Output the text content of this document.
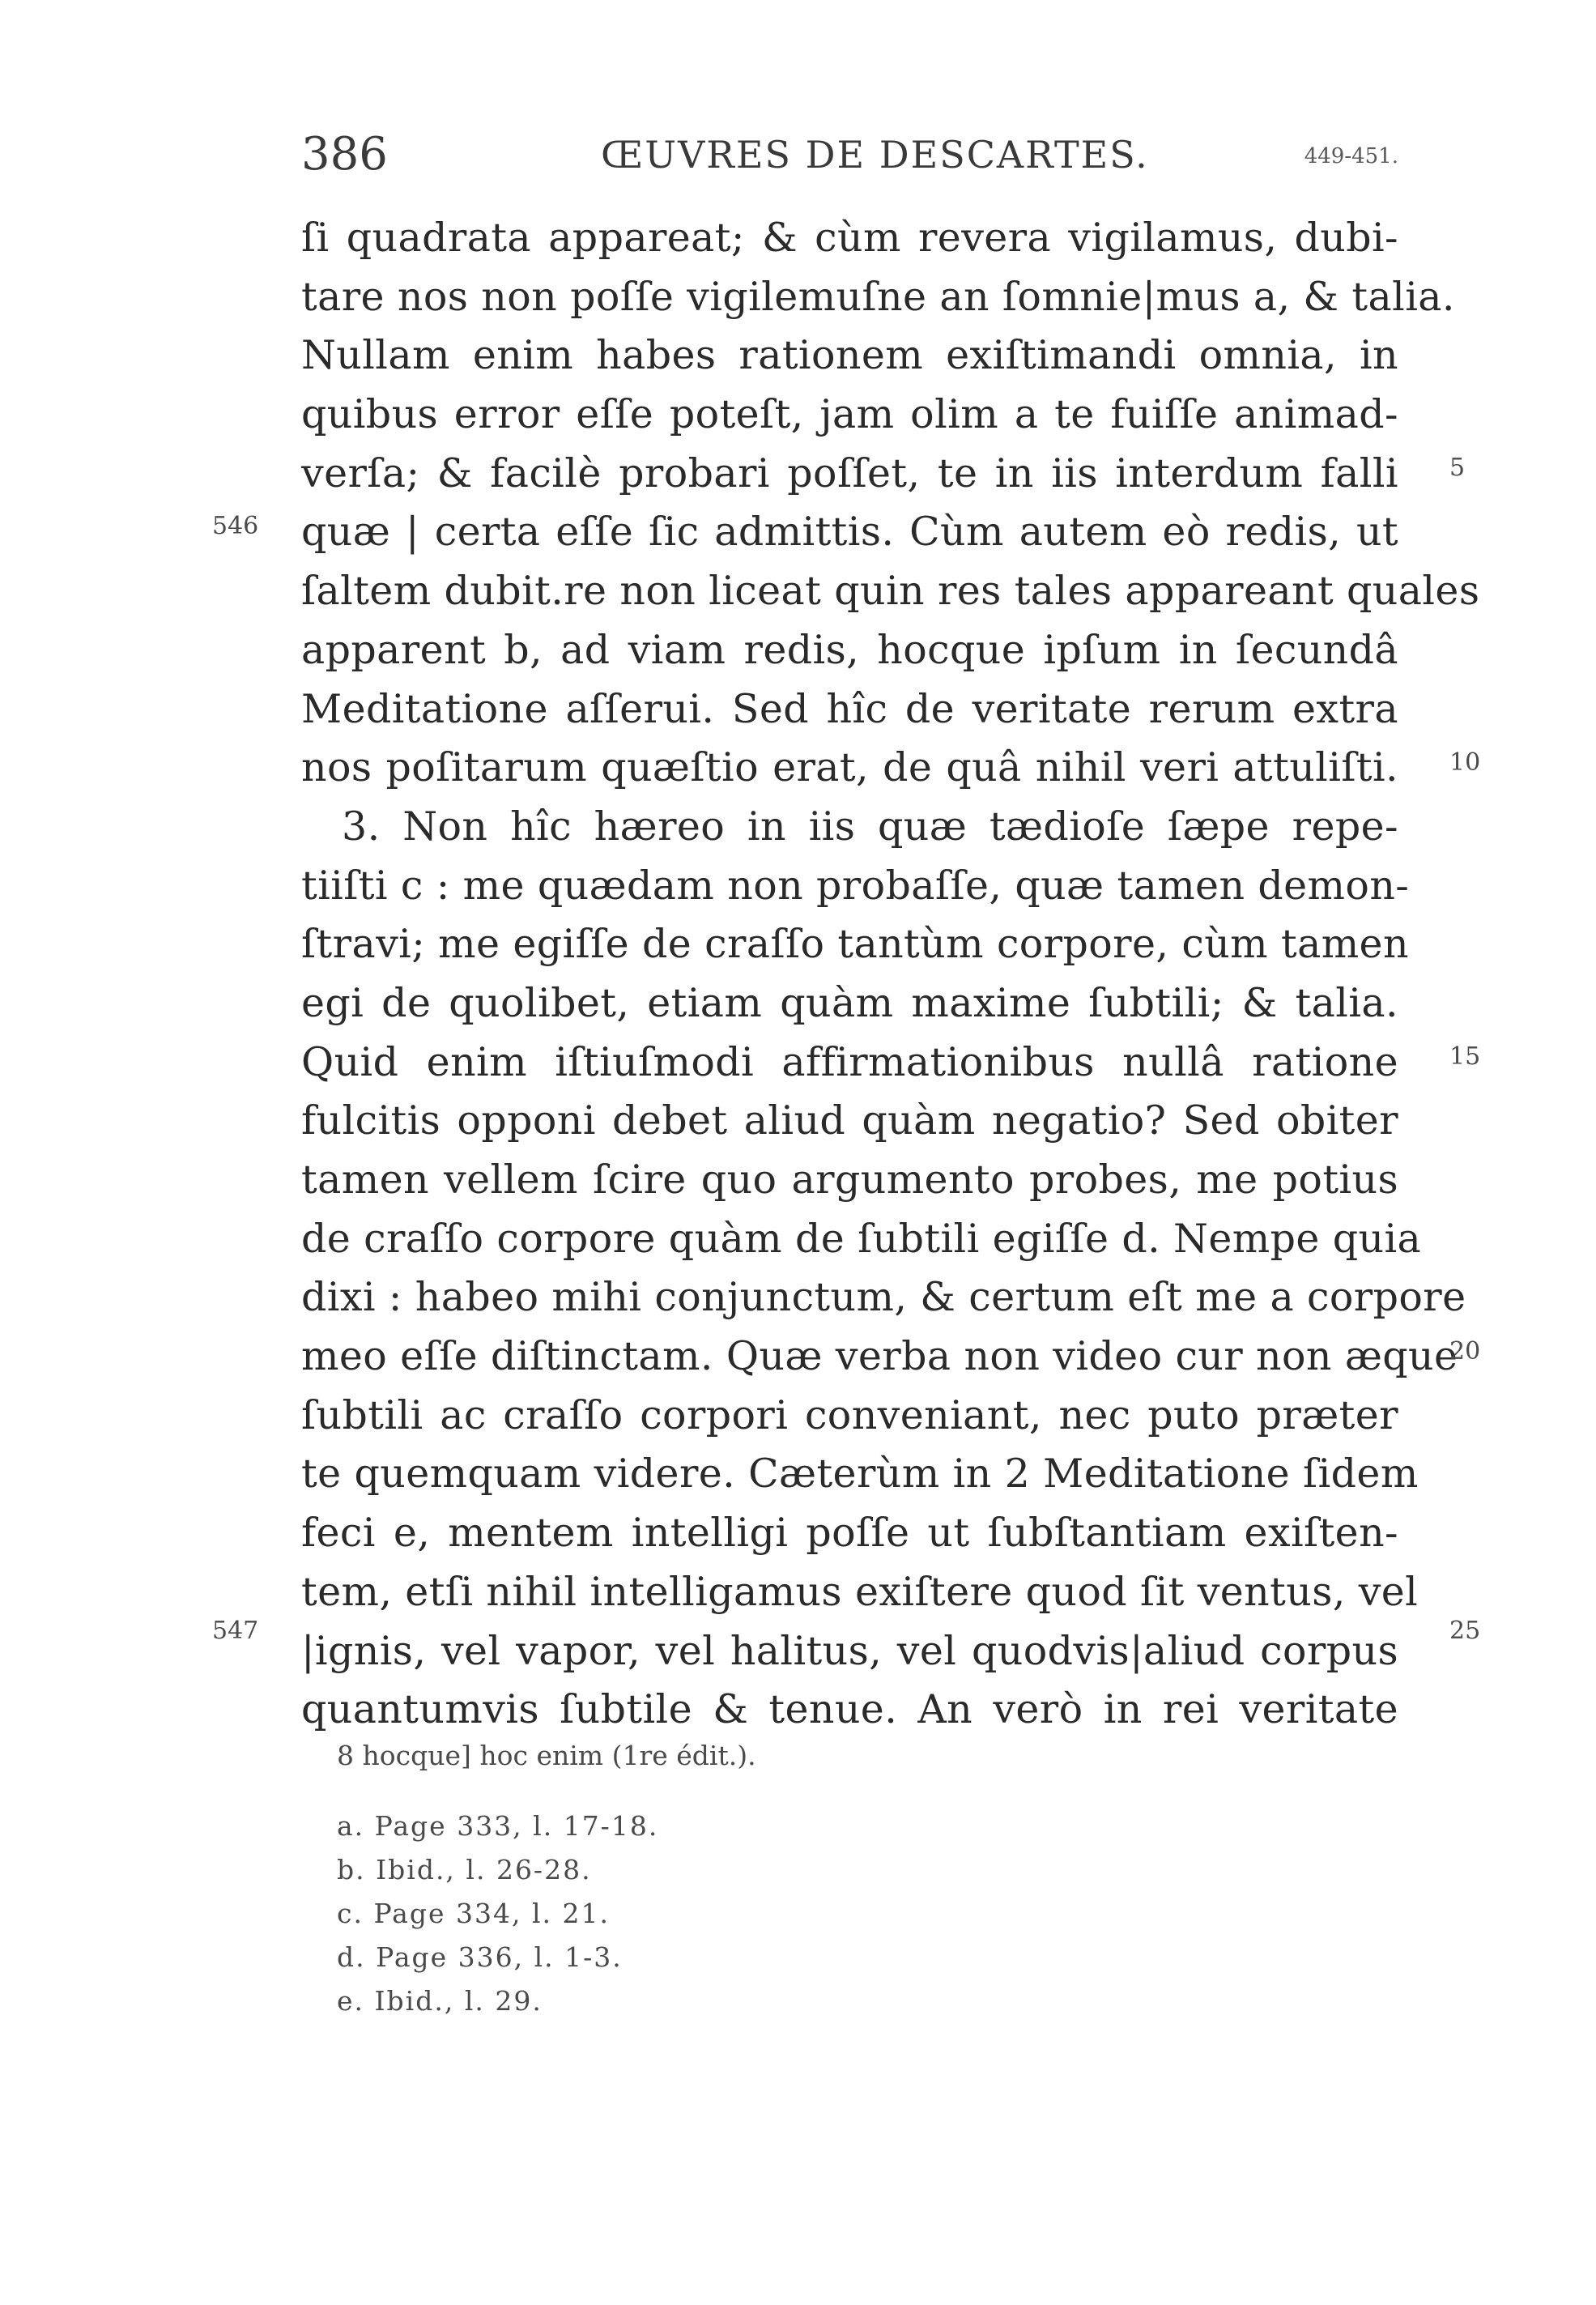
386	ŒUVRES DE DESCARTES.	449-451.
ſi quadrata appareat; & cùm revera vigilamus, dubi-
tare nos non poſſe vigilemuſne an ſomnie|mus a, & talia.
Nullam enim habes rationem exiſtimandi omnia, in
quibus error eſſe poteſt, jam olim a te fuiſſe animad-
verſa; & facilè probari poſſet, te in iis interdum falli
quæ | certa eſſe ſic admittis. Cùm autem eò redis, ut
ſaltem dubit.re non liceat quin res tales appareant quales
apparent b, ad viam redis, hocque ipſum in ſecundâ
Meditatione aſſerui. Sed hîc de veritate rerum extra
nos poſitarum quæſtio erat, de quâ nihil veri attuliſti.
3. Non hîc hæreo in iis quæ tædioſe ſæpe repe-
tiiſti c : me quædam non probaſſe, quæ tamen demon-
ſtravi; me egiſſe de craſſo tantùm corpore, cùm tamen
egi de quolibet, etiam quàm maxime ſubtili; & talia.
Quid enim iſtiuſmodi affirmationibus nullâ ratione
fulcitis opponi debet aliud quàm negatio? Sed obiter
tamen vellem ſcire quo argumento probes, me potius
de craſſo corpore quàm de ſubtili egiſſe d. Nempe quia
dixi : habeo mihi conjunctum, & certum eſt me a corpore
meo eſſe diſtinctam. Quæ verba non video cur non æque
ſubtili ac craſſo corpori conveniant, nec puto præter
te quemquam videre. Cæterùm in 2 Meditatione ſidem
feci e, mentem intelligi poſſe ut ſubſtantiam exiſten-
tem, etſi nihil intelligamus exiſtere quod ſit ventus, vel
|ignis, vel vapor, vel halitus, vel quodvis|aliud corpus
quantumvis ſubtile & tenue. An verò in rei veritate
5
10
15
20
25
546
547
8 hocque] hoc enim (1re édit.).
a. Page 333, l. 17-18.
b. Ibid., l. 26-28.
c. Page 334, l. 21.
d. Page 336, l. 1-3.
e. Ibid., l. 29.
